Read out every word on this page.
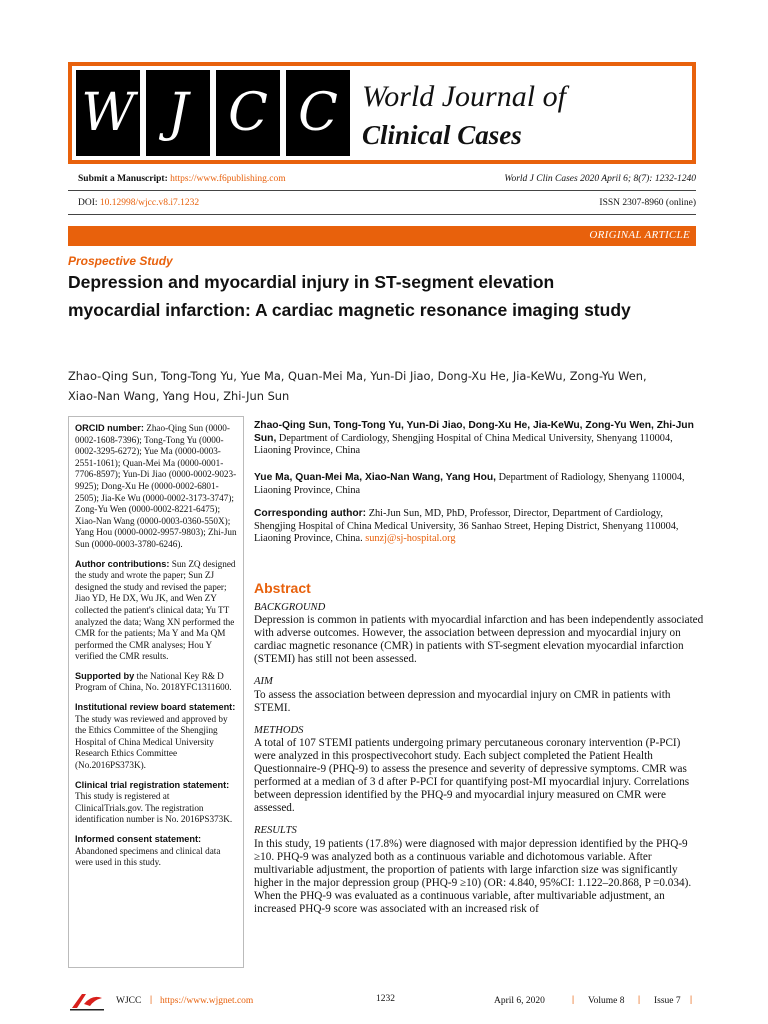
W J C C World Journal of
Clinical Cases
Submit a Manuscript: https://www.f6publishing.com	World J Clin Cases 2020 April 6; 8(7): 1232-1240
DOI: 10.12998/wjcc.v8.i7.1232	ISSN 2307-8960 (online)
ORIGINAL ARTICLE
Prospective Study
Depression and myocardial injury in ST-segment elevation
myocardial infarction: A cardiac magnetic resonance imaging study
Zhao-Qing Sun, Tong-Tong Yu, Yue Ma, Quan-Mei Ma, Yun-Di Jiao, Dong-Xu He, Jia-KeWu, Zong-Yu Wen,
Xiao-Nan Wang, Yang Hou, Zhi-Jun Sun
ORCID number: Zhao-Qing Sun (0000-0002-1608-7396); Tong-Tong Yu (0000-0002-3295-6272); Yue Ma (0000-0003-2551-1061); Quan-Mei Ma (0000-0001-7706-8597); Yun-Di Jiao (0000-0002-9023-9925); Dong-Xu He (0000-0002-6801-2505); Jia-Ke Wu (0000-0002-3173-3747); Zong-Yu Wen (0000-0002-8221-6475); Xiao-Nan Wang (0000-0003-0360-550X); Yang Hou (0000-0002-9957-9803); Zhi-Jun Sun (0000-0003-3780-6246).
Author contributions: Sun ZQ designed the study and wrote the paper; Sun ZJ designed the study and revised the paper; Jiao YD, He DX, Wu JK, and Wen ZY collected the patient's clinical data; Yu TT analyzed the data; Wang XN performed the CMR for the patients; Ma Y and Ma QM performed the CMR analyses; Hou Y verified the CMR results.
Supported by the National Key R& D Program of China, No. 2018YFC1311600.
Institutional review board statement: The study was reviewed and approved by the Ethics Committee of the Shengjing Hospital of China Medical University Research Ethics Committee (No.2016PS373K).
Clinical trial registration statement: This study is registered at ClinicalTrials.gov. The registration identification number is No. 2016PS373K.
Informed consent statement: Abandoned specimens and clinical data were used in this study.
Zhao-Qing Sun, Tong-Tong Yu, Yun-Di Jiao, Dong-Xu He, Jia-KeWu, Zong-Yu Wen, Zhi-Jun Sun, Department of Cardiology, Shengjing Hospital of China Medical University, Shenyang 110004, Liaoning Province, China
Yue Ma, Quan-Mei Ma, Xiao-Nan Wang, Yang Hou, Department of Radiology, Shenyang 110004, Liaoning Province, China
Corresponding author: Zhi-Jun Sun, MD, PhD, Professor, Director, Department of Cardiology, Shengjing Hospital of China Medical University, 36 Sanhao Street, Heping District, Shenyang 110004, Liaoning Province, China. sunzj@sj-hospital.org
Abstract
BACKGROUND
Depression is common in patients with myocardial infarction and has been independently associated with adverse outcomes. However, the association between depression and myocardial injury on cardiac magnetic resonance (CMR) in patients with ST-segment elevation myocardial infarction (STEMI) has still not been assessed.
AIM
To assess the association between depression and myocardial injury on CMR in patients with STEMI.
METHODS
A total of 107 STEMI patients undergoing primary percutaneous coronary intervention (P-PCI) were analyzed in this prospectivecohort study. Each subject completed the Patient Health Questionnaire-9 (PHQ-9) to assess the presence and severity of depressive symptoms. CMR was performed at a median of 3 d after P-PCI for quantifying post-MI myocardial injury. Correlations between depression identified by the PHQ-9 and myocardial injury measured on CMR were assessed.
RESULTS
In this study, 19 patients (17.8%) were diagnosed with major depression identified by the PHQ-9 ≥10. PHQ-9 was analyzed both as a continuous variable and dichotomous variable. After multivariable adjustment, the proportion of patients with large infarction size was significantly higher in the major depression group (PHQ-9 ≥10) (OR: 4.840, 95%CI: 1.122–20.868, P =0.034). When the PHQ-9 was evaluated as a continuous variable, after multivariable adjustment, an increased PHQ-9 score was associated with an increased risk of
WJCC | https://www.wjgnet.com	1232	April 6, 2020	| Volume 8 | Issue 7 |
